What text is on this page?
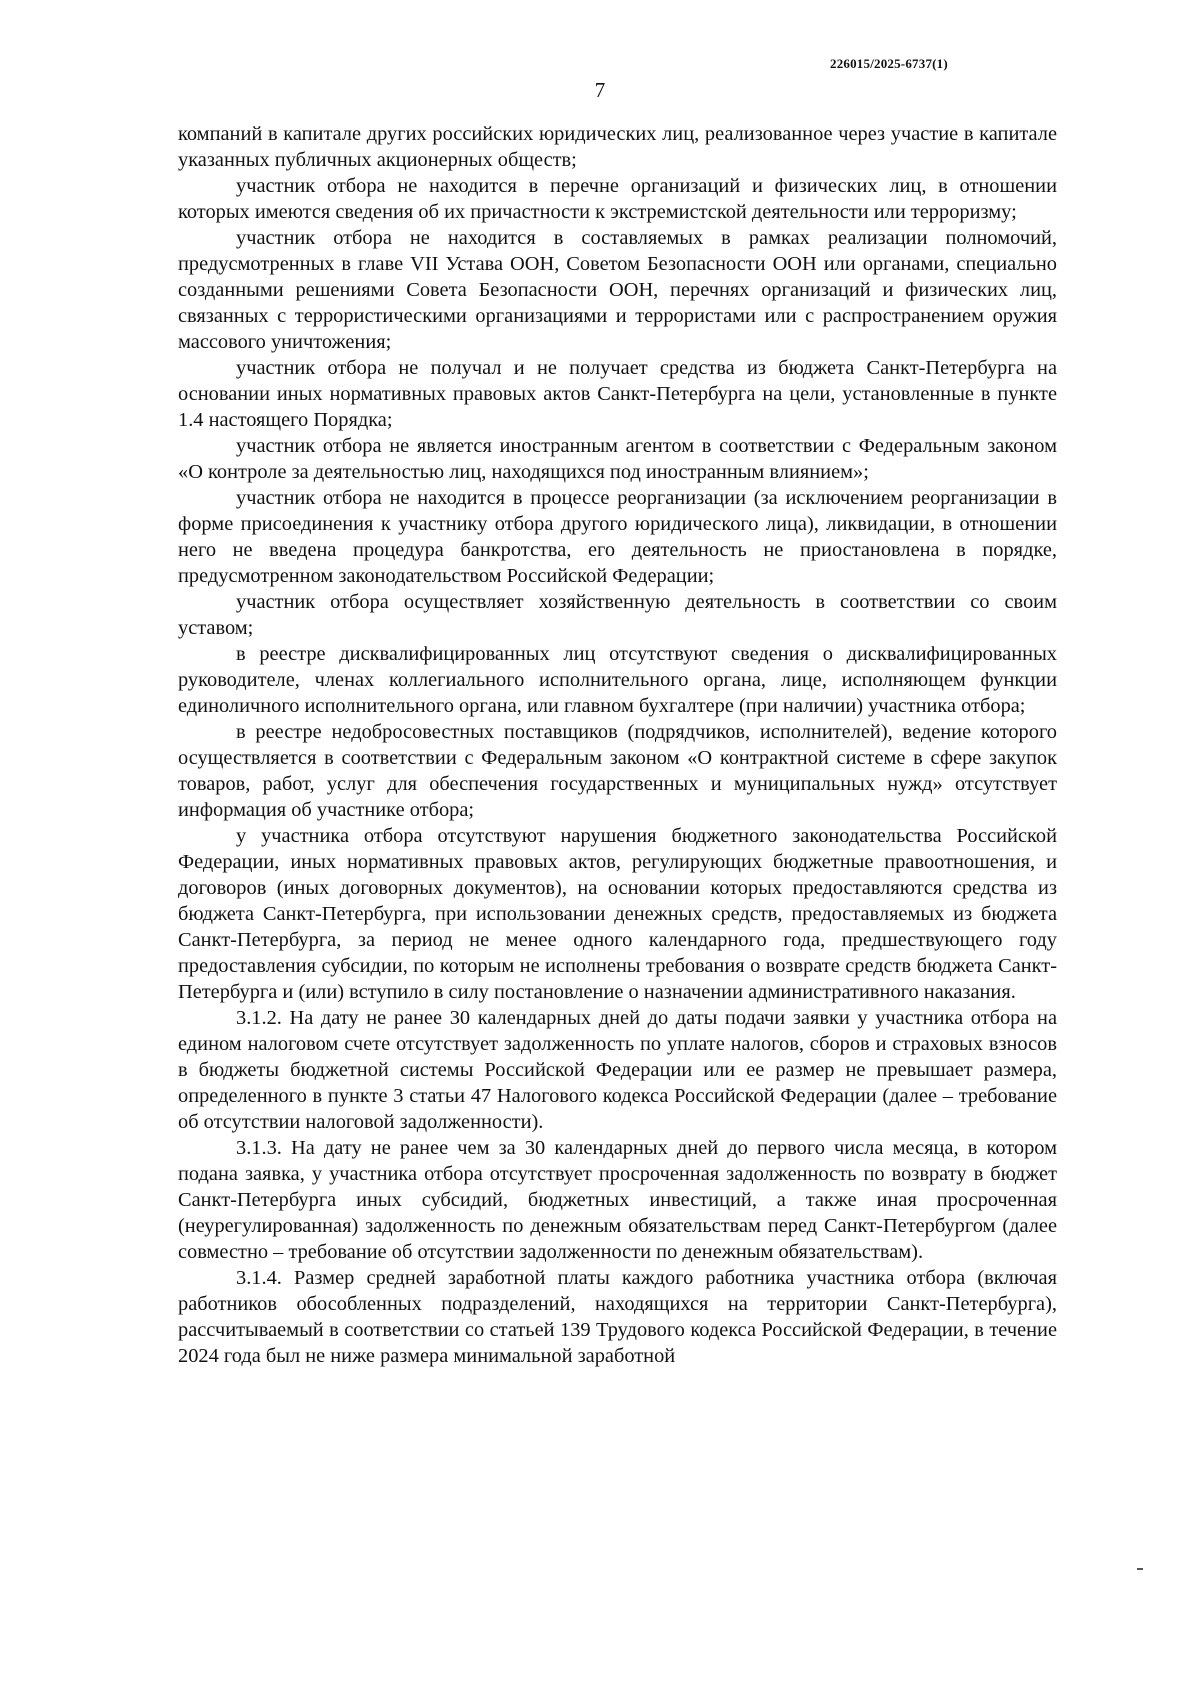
226015/2025-6737(1)
7

компаний в капитале других российских юридических лиц, реализованное через участие в капитале указанных публичных акционерных обществ;

участник отбора не находится в перечне организаций и физических лиц, в отношении которых имеются сведения об их причастности к экстремистской деятельности или терроризму;

участник отбора не находится в составляемых в рамках реализации полномочий, предусмотренных в главе VII Устава ООН, Советом Безопасности ООН или органами, специально созданными решениями Совета Безопасности ООН, перечнях организаций и физических лиц, связанных с террористическими организациями и террористами или с распространением оружия массового уничтожения;

участник отбора не получал и не получает средства из бюджета Санкт-Петербурга на основании иных нормативных правовых актов Санкт-Петербурга на цели, установленные в пункте 1.4 настоящего Порядка;

участник отбора не является иностранным агентом в соответствии с Федеральным законом «О контроле за деятельностью лиц, находящихся под иностранным влиянием»;

участник отбора не находится в процессе реорганизации (за исключением реорганизации в форме присоединения к участнику отбора другого юридического лица), ликвидации, в отношении него не введена процедура банкротства, его деятельность не приостановлена в порядке, предусмотренном законодательством Российской Федерации;

участник отбора осуществляет хозяйственную деятельность в соответствии со своим уставом;

в реестре дисквалифицированных лиц отсутствуют сведения о дисквалифицированных руководителе, членах коллегиального исполнительного органа, лице, исполняющем функции единоличного исполнительного органа, или главном бухгалтере (при наличии) участника отбора;

в реестре недобросовестных поставщиков (подрядчиков, исполнителей), ведение которого осуществляется в соответствии с Федеральным законом «О контрактной системе в сфере закупок товаров, работ, услуг для обеспечения государственных и муниципальных нужд» отсутствует информация об участнике отбора;

у участника отбора отсутствуют нарушения бюджетного законодательства Российской Федерации, иных нормативных правовых актов, регулирующих бюджетные правоотношения, и договоров (иных договорных документов), на основании которых предоставляются средства из бюджета Санкт-Петербурга, при использовании денежных средств, предоставляемых из бюджета Санкт-Петербурга, за период не менее одного календарного года, предшествующего году предоставления субсидии, по которым не исполнены требования о возврате средств бюджета Санкт-Петербурга и (или) вступило в силу постановление о назначении административного наказания.

3.1.2. На дату не ранее 30 календарных дней до даты подачи заявки у участника отбора на едином налоговом счете отсутствует задолженность по уплате налогов, сборов и страховых взносов в бюджеты бюджетной системы Российской Федерации или ее размер не превышает размера, определенного в пункте 3 статьи 47 Налогового кодекса Российской Федерации (далее – требование об отсутствии налоговой задолженности).

3.1.3. На дату не ранее чем за 30 календарных дней до первого числа месяца, в котором подана заявка, у участника отбора отсутствует просроченная задолженность по возврату в бюджет Санкт-Петербурга иных субсидий, бюджетных инвестиций, а также иная просроченная (неурегулированная) задолженность по денежным обязательствам перед Санкт-Петербургом (далее совместно – требование об отсутствии задолженности по денежным обязательствам).

3.1.4. Размер средней заработной платы каждого работника участника отбора (включая работников обособленных подразделений, находящихся на территории Санкт-Петербурга), рассчитываемый в соответствии со статьей 139 Трудового кодекса Российской Федерации, в течение 2024 года был не ниже размера минимальной заработной
